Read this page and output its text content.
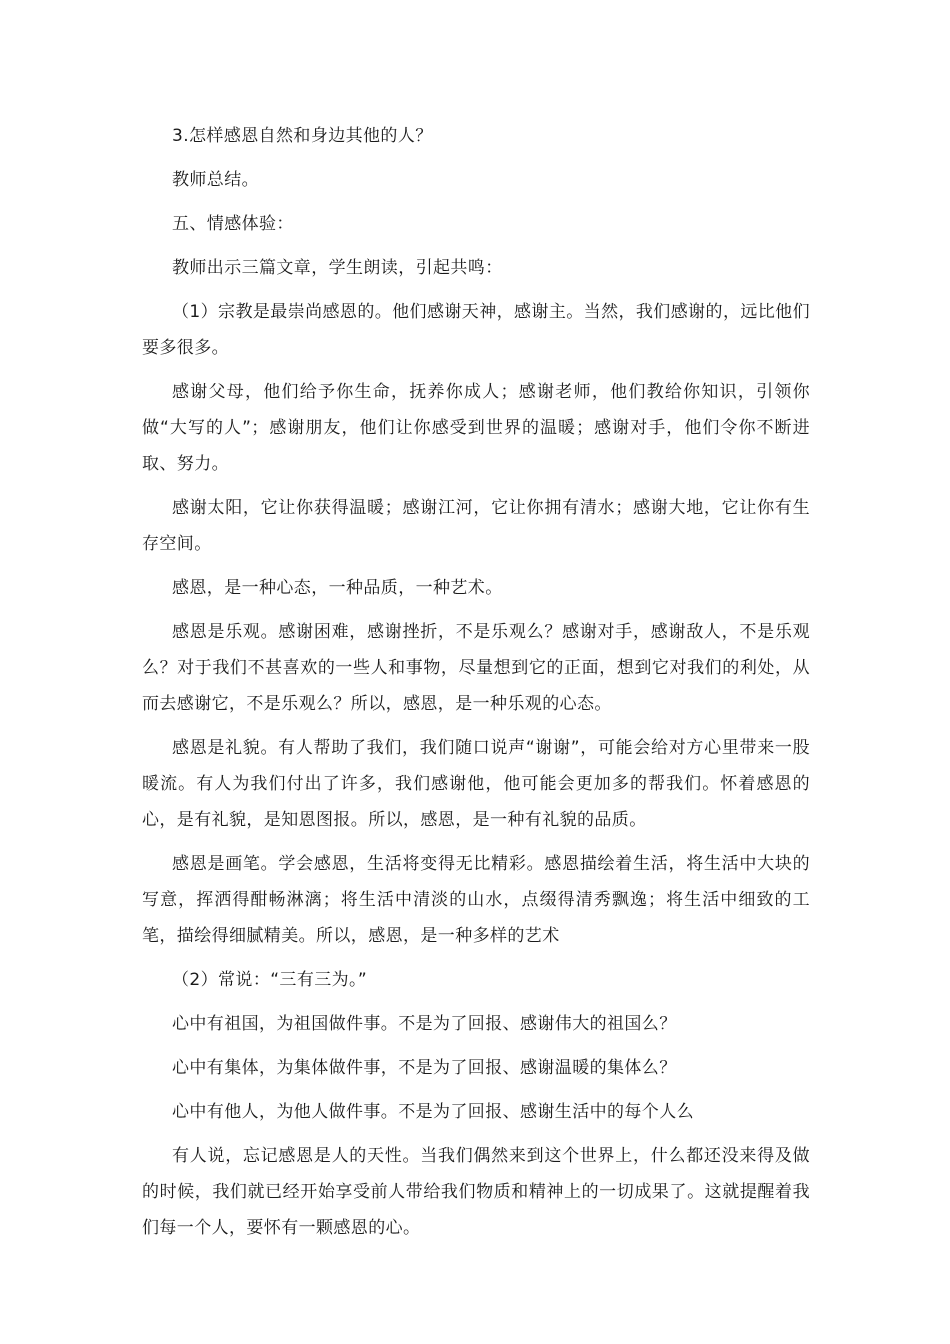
3.怎样感恩自然和身边其他的人？

教师总结。

五、情感体验：

教师出示三篇文章，学生朗读，引起共鸣：

（1）宗教是最崇尚感恩的。他们感谢天神，感谢主。当然，我们感谢的，远比他们要多很多。

感谢父母，他们给予你生命，抚养你成人；感谢老师，他们教给你知识，引领你做“大写的人”；感谢朋友，他们让你感受到世界的温暖；感谢对手，他们令你不断进取、努力。

感谢太阳，它让你获得温暖；感谢江河，它让你拥有清水；感谢大地，它让你有生存空间。

感恩，是一种心态，一种品质，一种艺术。

感恩是乐观。感谢困难，感谢挫折，不是乐观么？感谢对手，感谢敌人，不是乐观么？对于我们不甚喜欢的一些人和事物，尽量想到它的正面，想到它对我们的利处，从而去感谢它，不是乐观么？所以，感恩，是一种乐观的心态。

感恩是礼貌。有人帮助了我们，我们随口说声“谢谢”，可能会给对方心里带来一股暖流。有人为我们付出了许多，我们感谢他，他可能会更加多的帮我们。怀着感恩的心，是有礼貌，是知恩图报。所以，感恩，是一种有礼貌的品质。

感恩是画笔。学会感恩，生活将变得无比精彩。感恩描绘着生活，将生活中大块的写意，挥洒得酣畅淋漓；将生活中清淡的山水，点缀得清秀飘逸；将生活中细致的工笔，描绘得细腻精美。所以，感恩，是一种多样的艺术

（2）常说：“三有三为。”

心中有祖国，为祖国做件事。不是为了回报、感谢伟大的祖国么？

心中有集体，为集体做件事，不是为了回报、感谢温暖的集体么？

心中有他人，为他人做件事。不是为了回报、感谢生活中的每个人么

有人说，忘记感恩是人的天性。当我们偶然来到这个世界上，什么都还没来得及做的时候，我们就已经开始享受前人带给我们物质和精神上的一切成果了。这就提醒着我们每一个人，要怀有一颗感恩的心。
